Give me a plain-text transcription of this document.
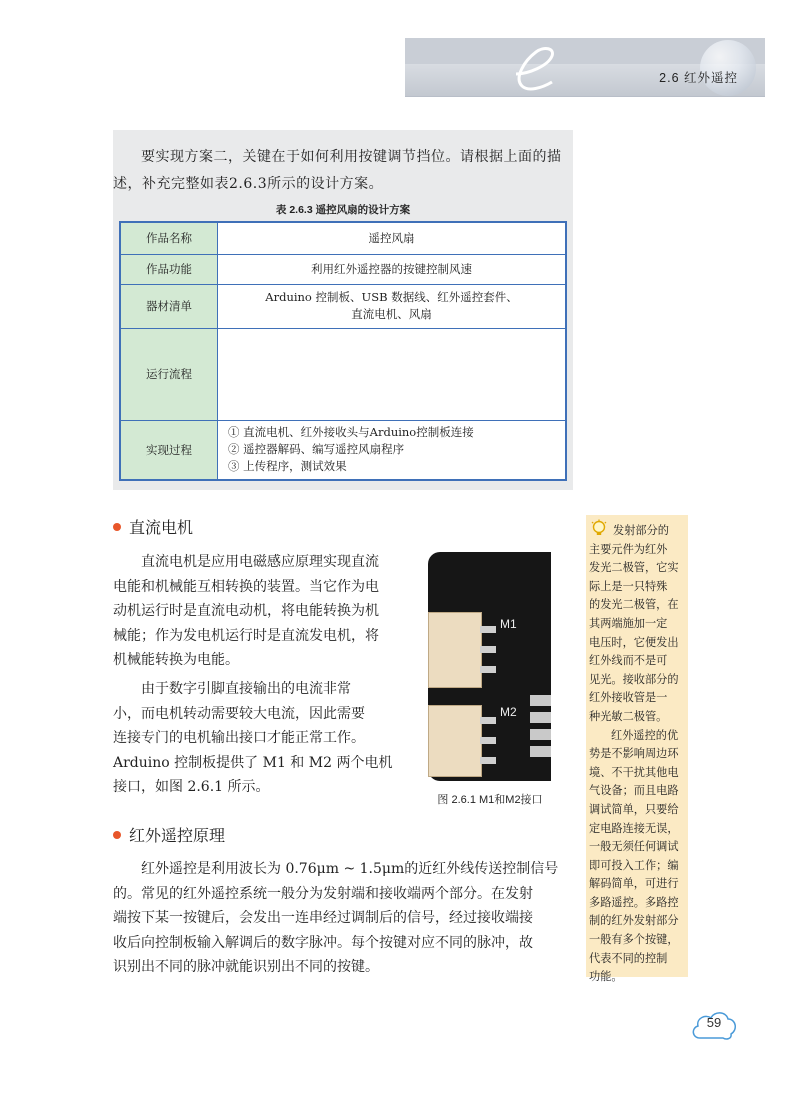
2.6 红外遥控
要实现方案二，关键在于如何利用按键调节挡位。请根据上面的描述，补充完整如表2.6.3所示的设计方案。
表 2.6.3 遥控风扇的设计方案
作品名称	遥控风扇
作品功能	利用红外遥控器的按键控制风速
器材清单	Arduino 控制板、USB 数据线、红外遥控套件、
直流电机、风扇

运行流程	
实现过程	① 直流电机、红外接收头与Arduino控制板连接
② 遥控器解码、编写遥控风扇程序
③ 上传程序，测试效果
直流电机
直流电机是应用电磁感应原理实现直流
电能和机械能互相转换的装置。当它作为电
动机运行时是直流电动机，将电能转换为机
械能；作为发电机运行时是直流发电机，将
机械能转换为电能。
由于数字引脚直接输出的电流非常
小，而电机转动需要较大电流，因此需要
连接专门的电机输出接口才能正常工作。
Arduino 控制板提供了 M1 和 M2 两个电机
接口，如图 2.6.1 所示。
M1
M2
图 2.6.1 M1和M2接口
红外遥控原理
红外遥控是利用波长为 0.76μm ~ 1.5μm的近红外线传送控制信号
的。常见的红外遥控系统一般分为发射端和接收端两个部分。在发射
端按下某一按键后，会发出一连串经过调制后的信号，经过接收端接
收后向控制板输入解调后的数字脉冲。每个按键对应不同的脉冲，故
识别出不同的脉冲就能识别出不同的按键。
发射部分的
主要元件为红外
发光二极管，它实
际上是一只特殊
的发光二极管，在
其两端施加一定
电压时，它便发出
红外线而不是可
见光。接收部分的
红外接收管是一
种光敏二极管。
红外遥控的优
势是不影响周边环
境、不干扰其他电
气设备；而且电路
调试简单，只要给
定电路连接无误，
一般无须任何调试
即可投入工作；编
解码简单，可进行
多路遥控。多路控
制的红外发射部分
一般有多个按键，
代表不同的控制
功能。
59
